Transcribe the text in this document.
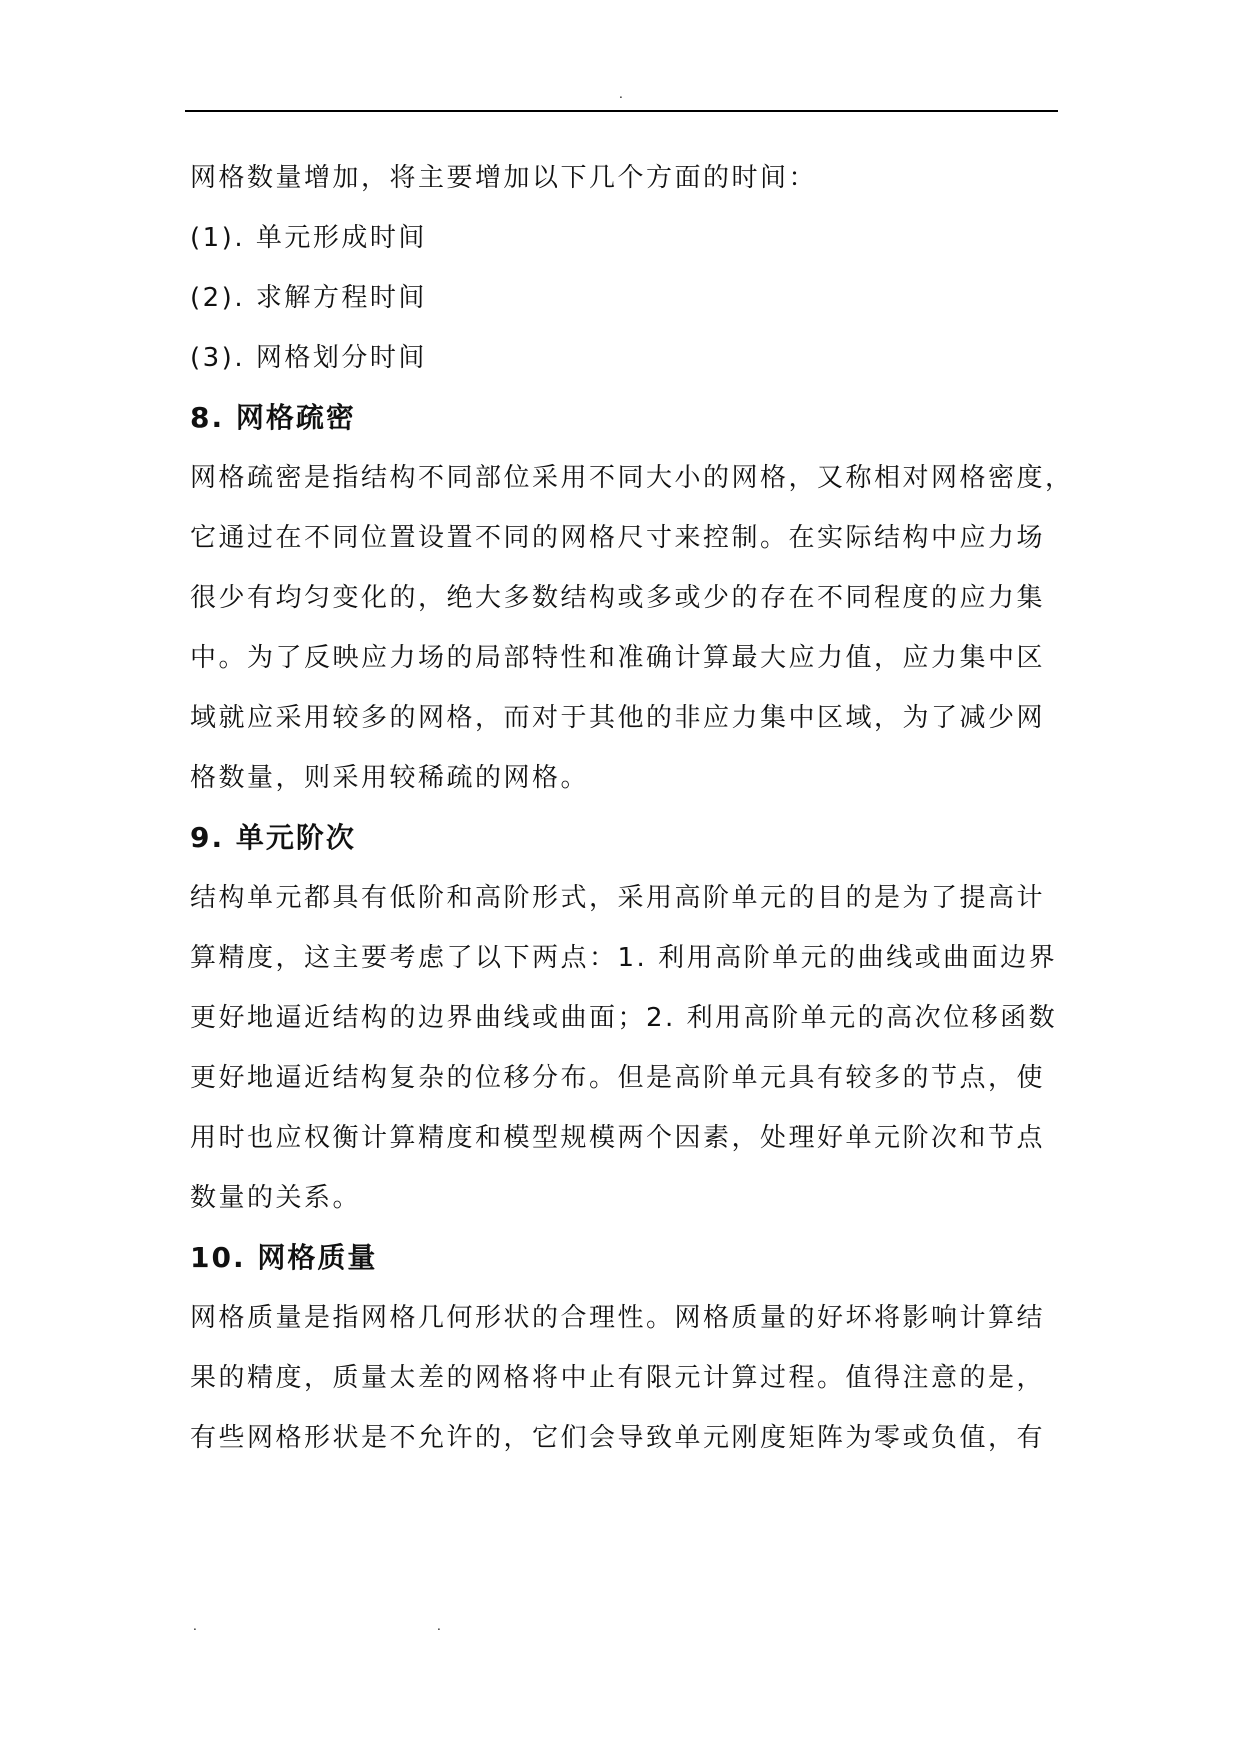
.
网格数量增加，将主要增加以下几个方面的时间：
(1). 单元形成时间
(2). 求解方程时间
(3). 网格划分时间
8. 网格疏密
网格疏密是指结构不同部位采用不同大小的网格，又称相对网格密度，
它通过在不同位置设置不同的网格尺寸来控制。在实际结构中应力场
很少有均匀变化的，绝大多数结构或多或少的存在不同程度的应力集
中。为了反映应力场的局部特性和准确计算最大应力值，应力集中区
域就应采用较多的网格，而对于其他的非应力集中区域，为了减少网
格数量，则采用较稀疏的网格。
9. 单元阶次
结构单元都具有低阶和高阶形式，采用高阶单元的目的是为了提高计
算精度，这主要考虑了以下两点：1. 利用高阶单元的曲线或曲面边界
更好地逼近结构的边界曲线或曲面；2. 利用高阶单元的高次位移函数
更好地逼近结构复杂的位移分布。但是高阶单元具有较多的节点，使
用时也应权衡计算精度和模型规模两个因素，处理好单元阶次和节点
数量的关系。
10. 网格质量
网格质量是指网格几何形状的合理性。网格质量的好坏将影响计算结
果的精度，质量太差的网格将中止有限元计算过程。值得注意的是，
有些网格形状是不允许的，它们会导致单元刚度矩阵为零或负值，有
.	.
